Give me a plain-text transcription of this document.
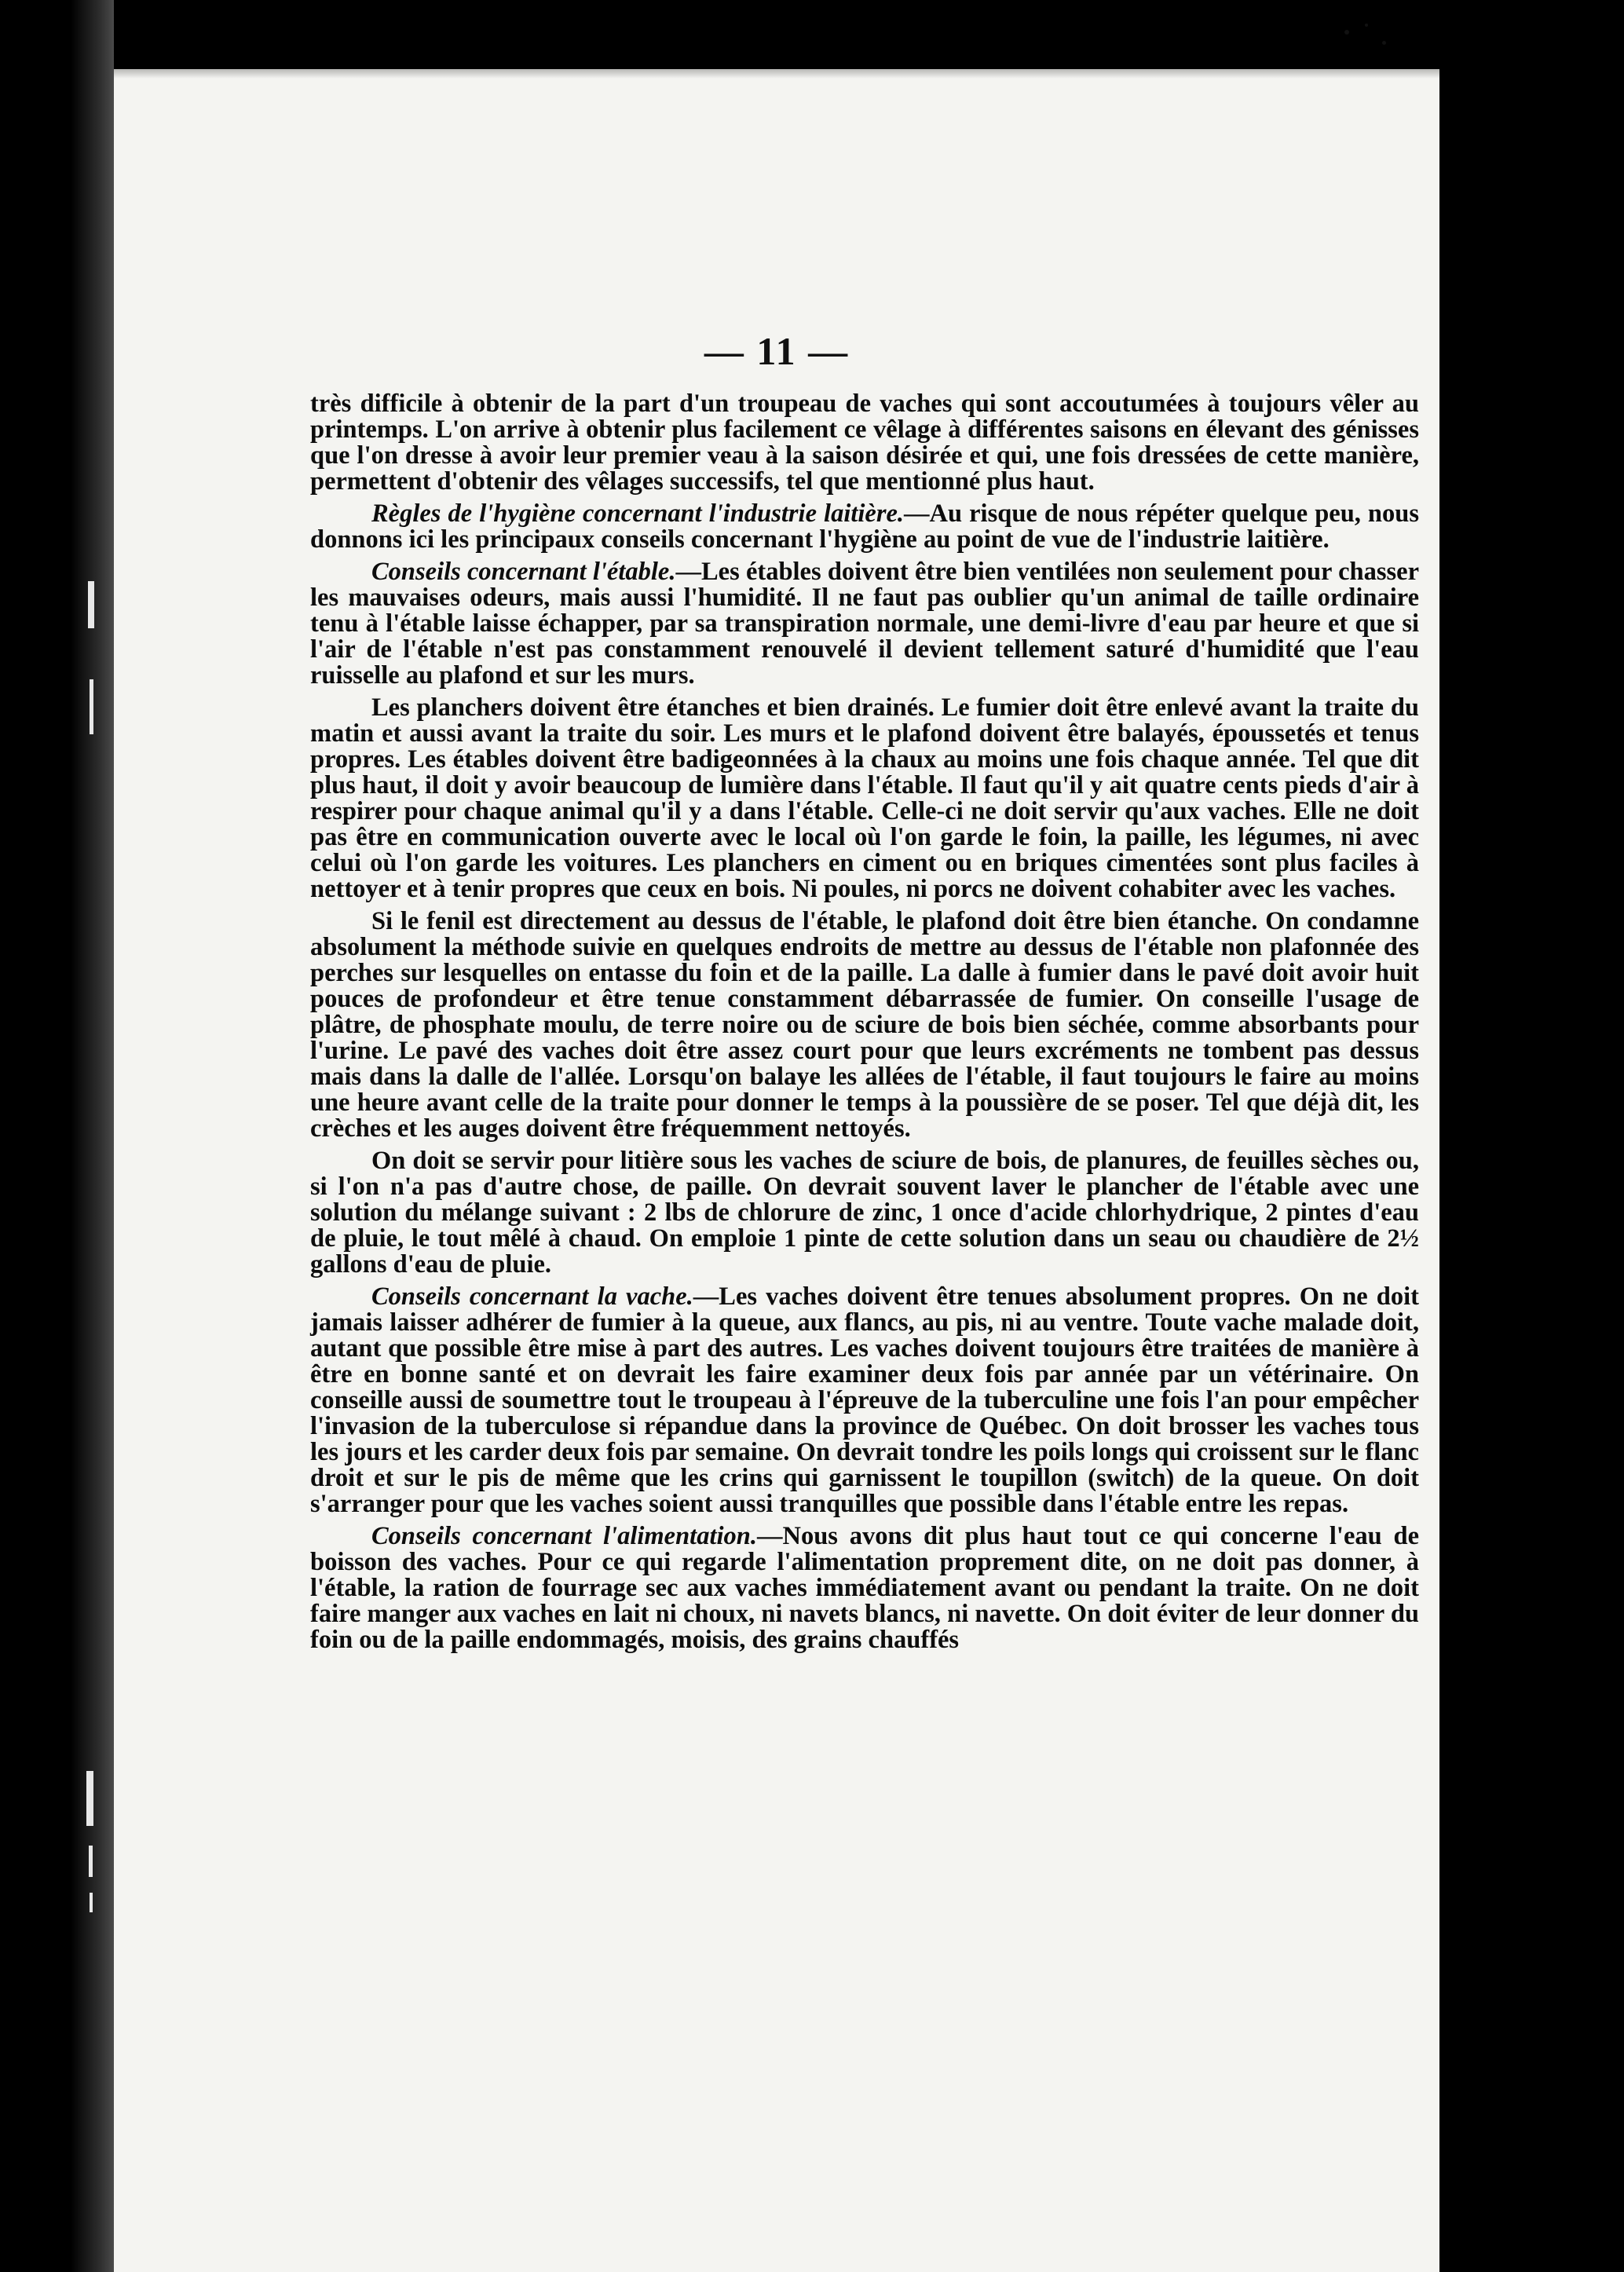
— 11 —

très difficile à obtenir de la part d'un troupeau de vaches qui sont accoutumées à toujours vêler au printemps. L'on arrive à obtenir plus facilement ce vêlage à différentes saisons en élevant des génisses que l'on dresse à avoir leur premier veau à la saison désirée et qui, une fois dressées de cette manière, permettent d'obtenir des vêlages successifs, tel que mentionné plus haut.

Règles de l'hygiène concernant l'industrie laitière.—Au risque de nous répéter quelque peu, nous donnons ici les principaux conseils concernant l'hygiène au point de vue de l'industrie laitière.

Conseils concernant l'étable.—Les étables doivent être bien ventilées non seulement pour chasser les mauvaises odeurs, mais aussi l'humidité. Il ne faut pas oublier qu'un animal de taille ordinaire tenu à l'étable laisse échapper, par sa transpiration normale, une demi-livre d'eau par heure et que si l'air de l'étable n'est pas constamment renouvelé il devient tellement saturé d'humidité que l'eau ruisselle au plafond et sur les murs.

Les planchers doivent être étanches et bien drainés. Le fumier doit être enlevé avant la traite du matin et aussi avant la traite du soir. Les murs et le plafond doivent être balayés, époussetés et tenus propres. Les étables doivent être badigeonnées à la chaux au moins une fois chaque année. Tel que dit plus haut, il doit y avoir beaucoup de lumière dans l'étable. Il faut qu'il y ait quatre cents pieds d'air à respirer pour chaque animal qu'il y a dans l'étable. Celle-ci ne doit servir qu'aux vaches. Elle ne doit pas être en communication ouverte avec le local où l'on garde le foin, la paille, les légumes, ni avec celui où l'on garde les voitures. Les planchers en ciment ou en briques cimentées sont plus faciles à nettoyer et à tenir propres que ceux en bois. Ni poules, ni porcs ne doivent cohabiter avec les vaches.

Si le fenil est directement au dessus de l'étable, le plafond doit être bien étanche. On condamne absolument la méthode suivie en quelques endroits de mettre au dessus de l'étable non plafonnée des perches sur lesquelles on entasse du foin et de la paille. La dalle à fumier dans le pavé doit avoir huit pouces de profondeur et être tenue constamment débarrassée de fumier. On conseille l'usage de plâtre, de phosphate moulu, de terre noire ou de sciure de bois bien séchée, comme absorbants pour l'urine. Le pavé des vaches doit être assez court pour que leurs excréments ne tombent pas dessus mais dans la dalle de l'allée. Lorsqu'on balaye les allées de l'étable, il faut toujours le faire au moins une heure avant celle de la traite pour donner le temps à la poussière de se poser. Tel que déjà dit, les crèches et les auges doivent être fréquemment nettoyés.

On doit se servir pour litière sous les vaches de sciure de bois, de planures, de feuilles sèches ou, si l'on n'a pas d'autre chose, de paille. On devrait souvent laver le plancher de l'étable avec une solution du mélange suivant : 2 lbs de chlorure de zinc, 1 once d'acide chlorhydrique, 2 pintes d'eau de pluie, le tout mêlé à chaud. On emploie 1 pinte de cette solution dans un seau ou chaudière de 2½ gallons d'eau de pluie.

Conseils concernant la vache.—Les vaches doivent être tenues absolument propres. On ne doit jamais laisser adhérer de fumier à la queue, aux flancs, au pis, ni au ventre. Toute vache malade doit, autant que possible être mise à part des autres. Les vaches doivent toujours être traitées de manière à être en bonne santé et on devrait les faire examiner deux fois par année par un vétérinaire. On conseille aussi de soumettre tout le troupeau à l'épreuve de la tuberculine une fois l'an pour empêcher l'invasion de la tuberculose si répandue dans la province de Québec. On doit brosser les vaches tous les jours et les carder deux fois par semaine. On devrait tondre les poils longs qui croissent sur le flanc droit et sur le pis de même que les crins qui garnissent le toupillon (switch) de la queue. On doit s'arranger pour que les vaches soient aussi tranquilles que possible dans l'étable entre les repas.

Conseils concernant l'alimentation.—Nous avons dit plus haut tout ce qui concerne l'eau de boisson des vaches. Pour ce qui regarde l'alimentation proprement dite, on ne doit pas donner, à l'étable, la ration de fourrage sec aux vaches immédiatement avant ou pendant la traite. On ne doit faire manger aux vaches en lait ni choux, ni navets blancs, ni navette. On doit éviter de leur donner du foin ou de la paille endommagés, moisis, des grains chauffés
